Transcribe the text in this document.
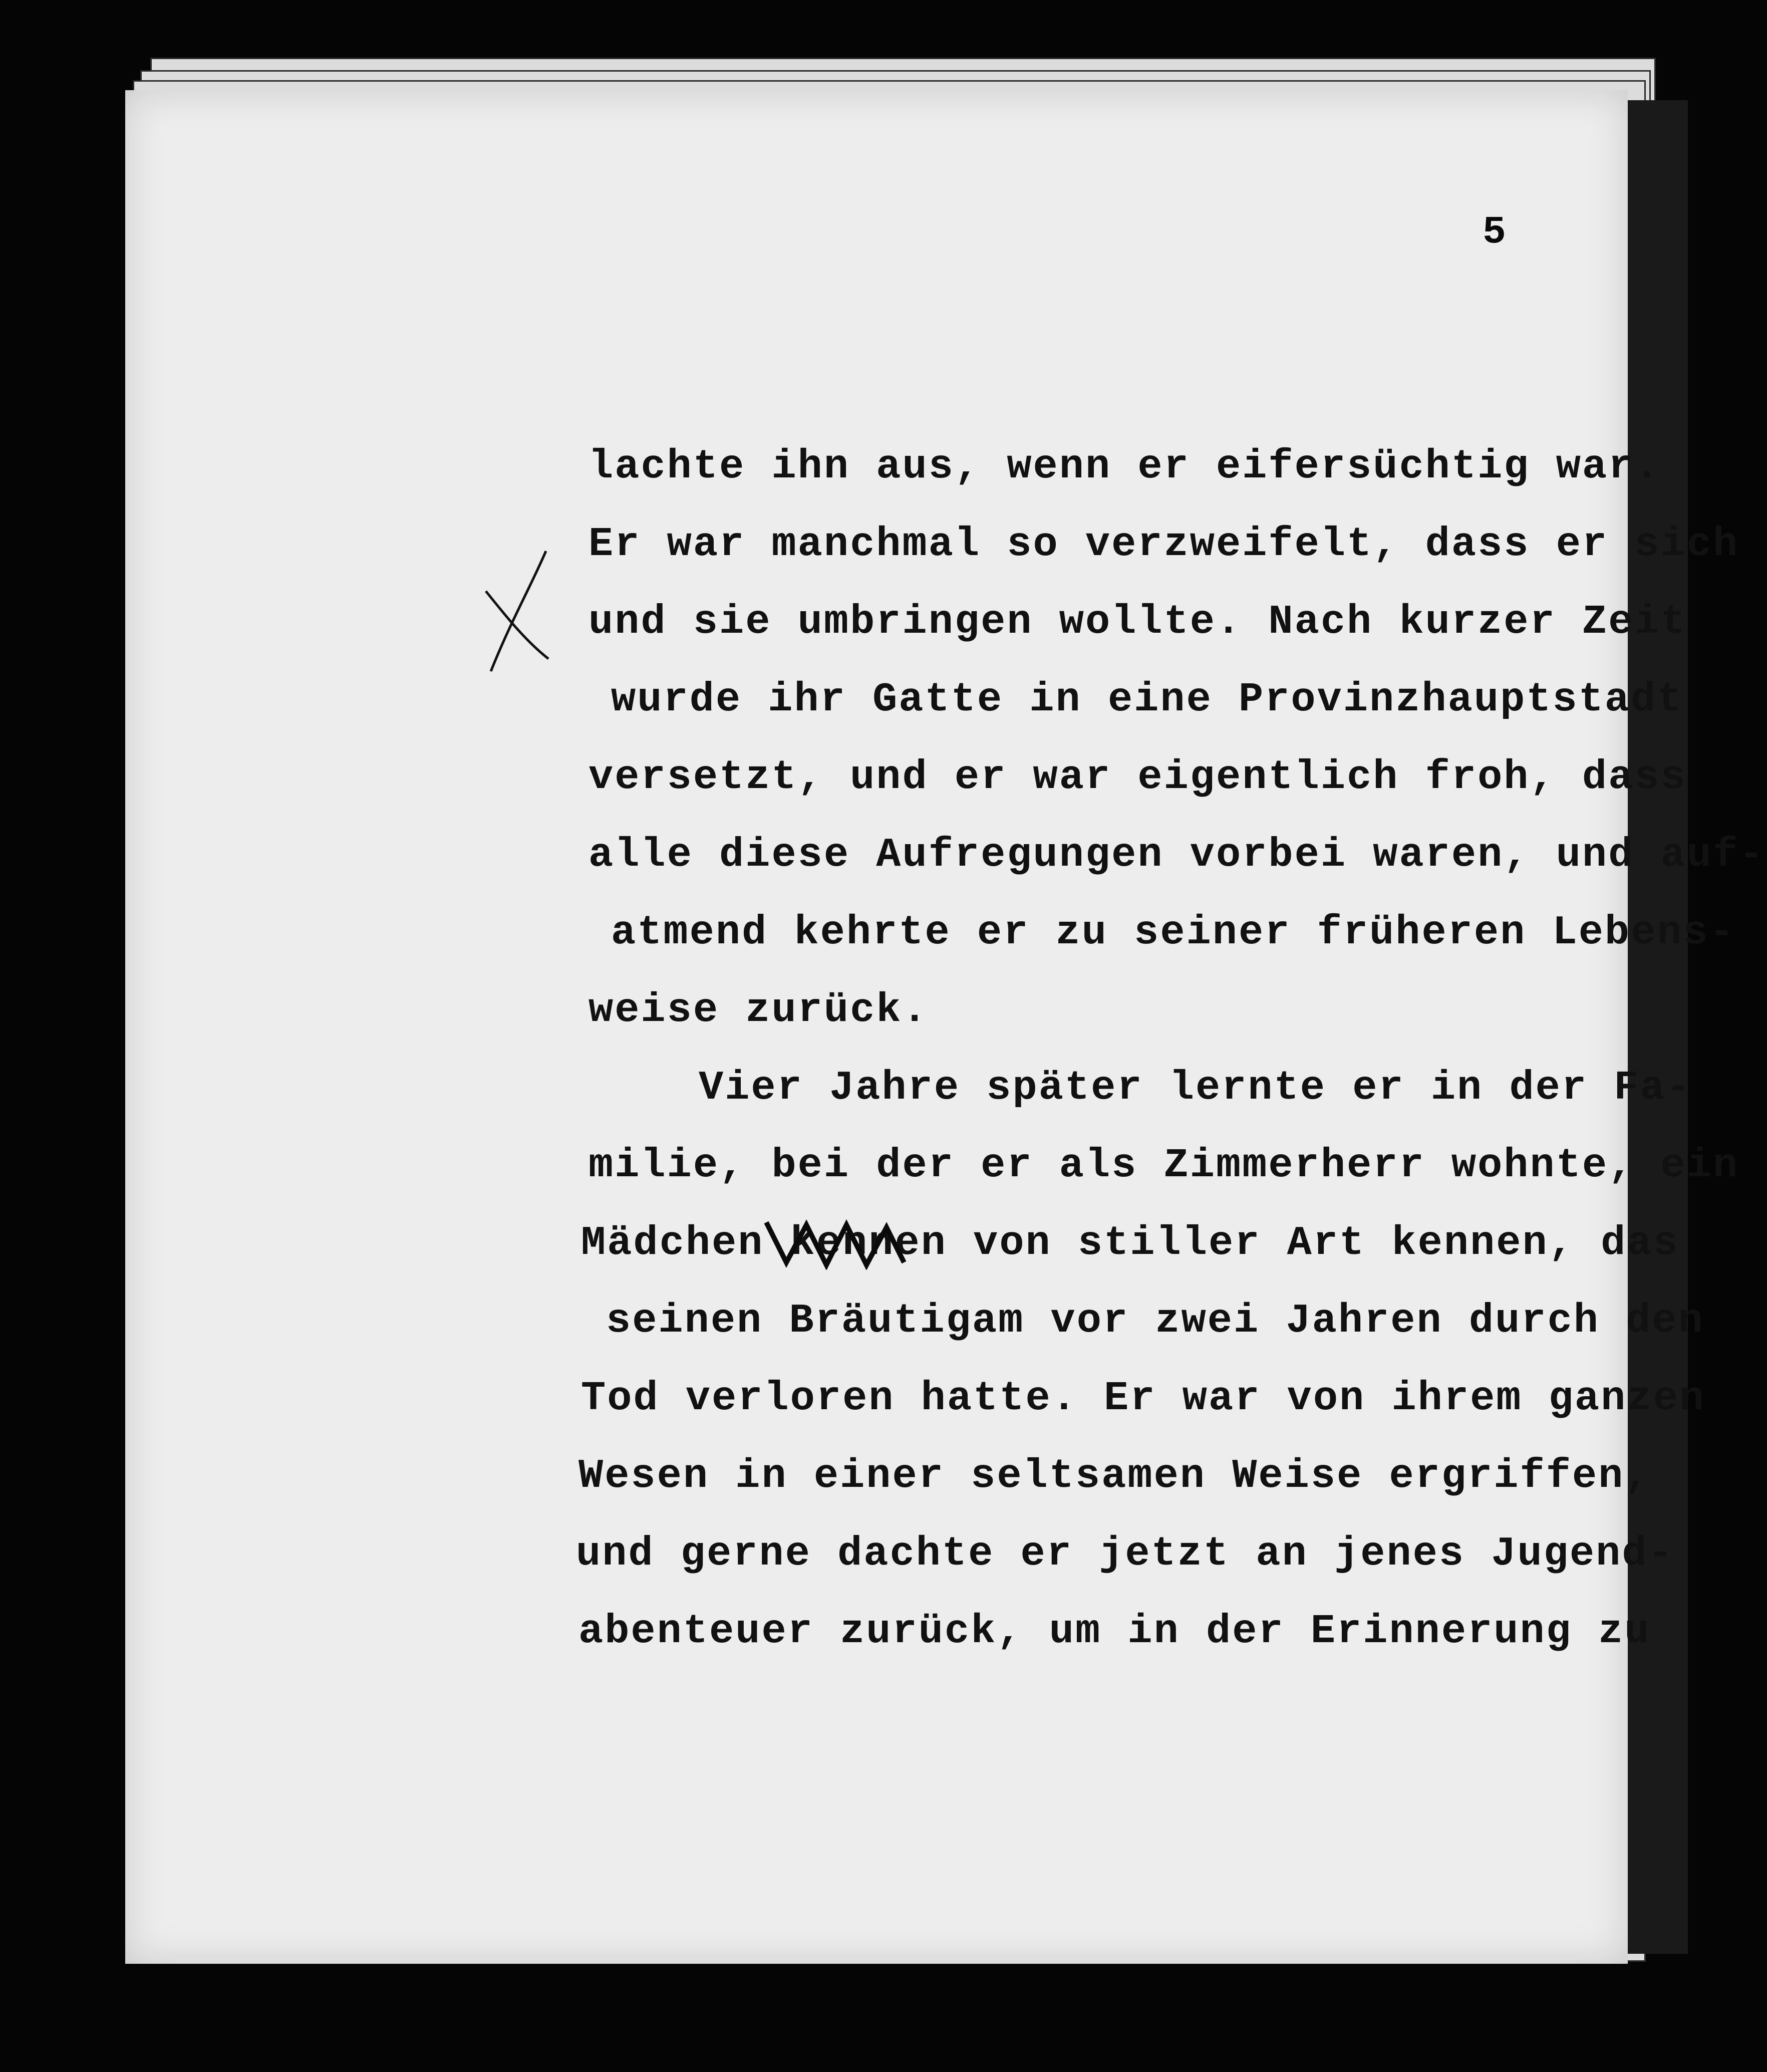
5
lachte ihn aus, wenn er eifersüchtig war.
Er war manchmal so verzweifelt, dass er sich
und sie umbringen wollte. Nach kurzer Zeit
wurde ihr Gatte in eine Provinzhauptstadt
versetzt, und er war eigentlich froh, dass
alle diese Aufregungen vorbei waren, und auf-
atmend kehrte er zu seiner früheren Lebens-
weise zurück.
Vier Jahre später lernte er in der Fa-
milie, bei der er als Zimmerherr wohnte, ein
Mädchen kennen von stiller Art kennen, das
seinen Bräutigam vor zwei Jahren durch den
Tod verloren hatte. Er war von ihrem ganzen
Wesen in einer seltsamen Weise ergriffen,
und gerne dachte er jetzt an jenes Jugend-
abenteuer zurück, um in der Erinnerung zu
